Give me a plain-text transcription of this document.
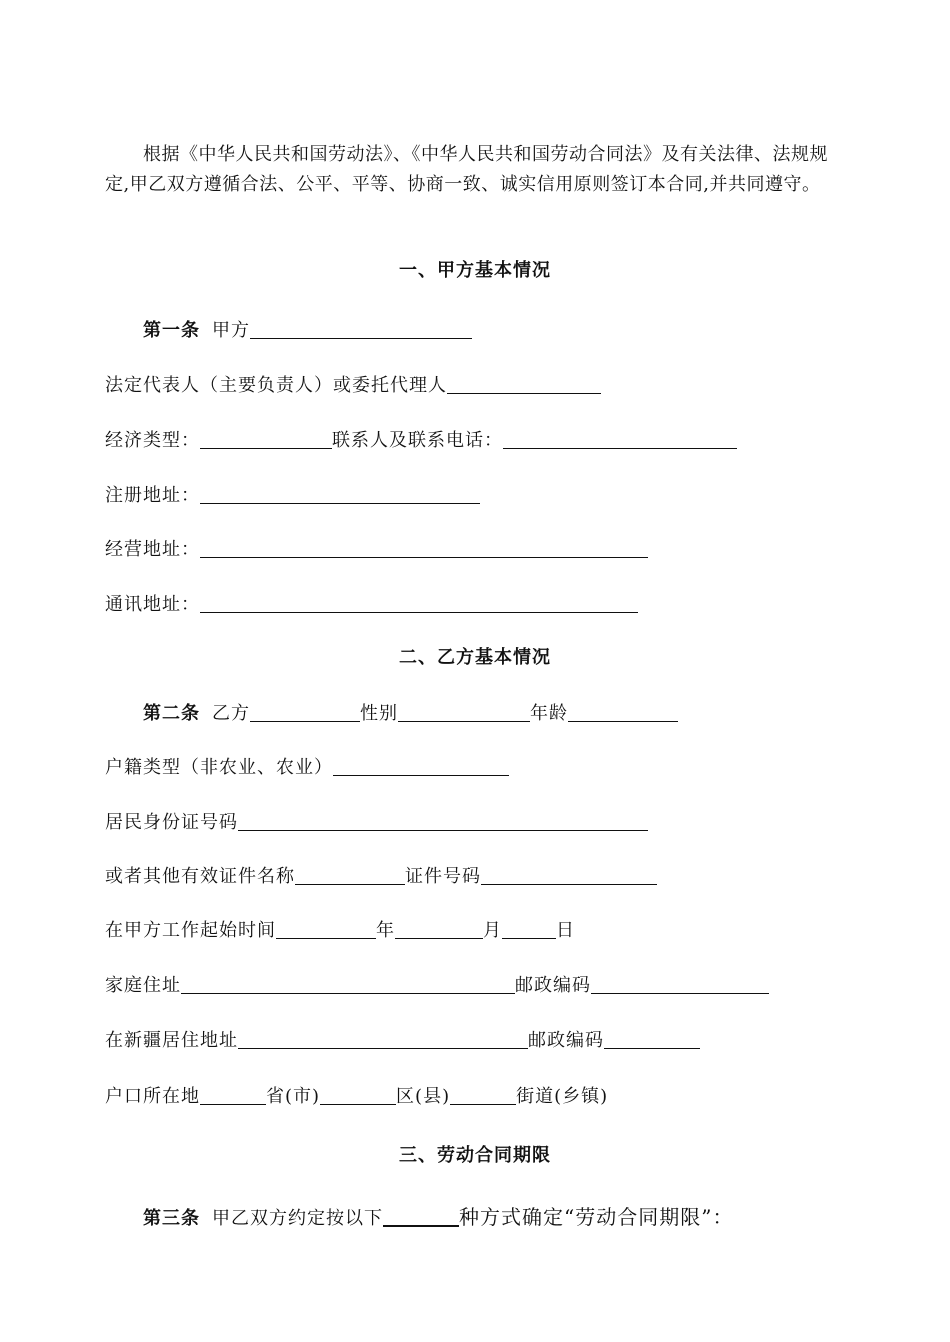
根据《中华人民共和国劳动法》、《中华人民共和国劳动合同法》及有关法律、法规规定,甲乙双方遵循合法、公平、平等、协商一致、诚实信用原则签订本合同,并共同遵守。
一、甲方基本情况
第一条 甲方
法定代表人（主要负责人）或委托代理人
经济类型：	联系人及联系电话：
注册地址：
经营地址：
通讯地址：
二、乙方基本情况
第二条 乙方	性别	年龄
户籍类型（非农业、农业）
居民身份证号码
或者其他有效证件名称	证件号码
在甲方工作起始时间	年	月	日
家庭住址	邮政编码
在新疆居住地址	邮政编码
户口所在地	省(市)	区(县)	街道(乡镇)
三、劳动合同期限
第三条 甲乙双方约定按以下	种方式确定“劳动合同期限”：
